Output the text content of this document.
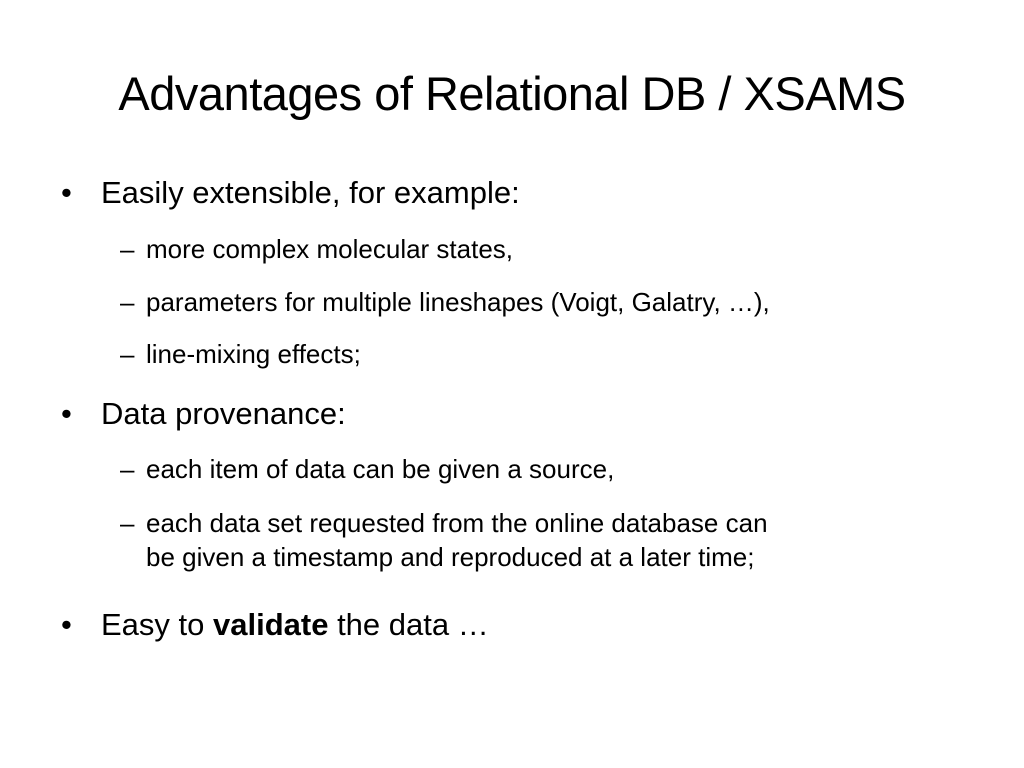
Advantages of Relational DB / XSAMS
• Easily extensible, for example:
– more complex molecular states,
– parameters for multiple lineshapes (Voigt, Galatry, …),
– line-mixing effects;
• Data provenance:
– each item of data can be given a source,
– each data set requested from the online database can
be given a timestamp and reproduced at a later time;
• Easy to validate the data …
